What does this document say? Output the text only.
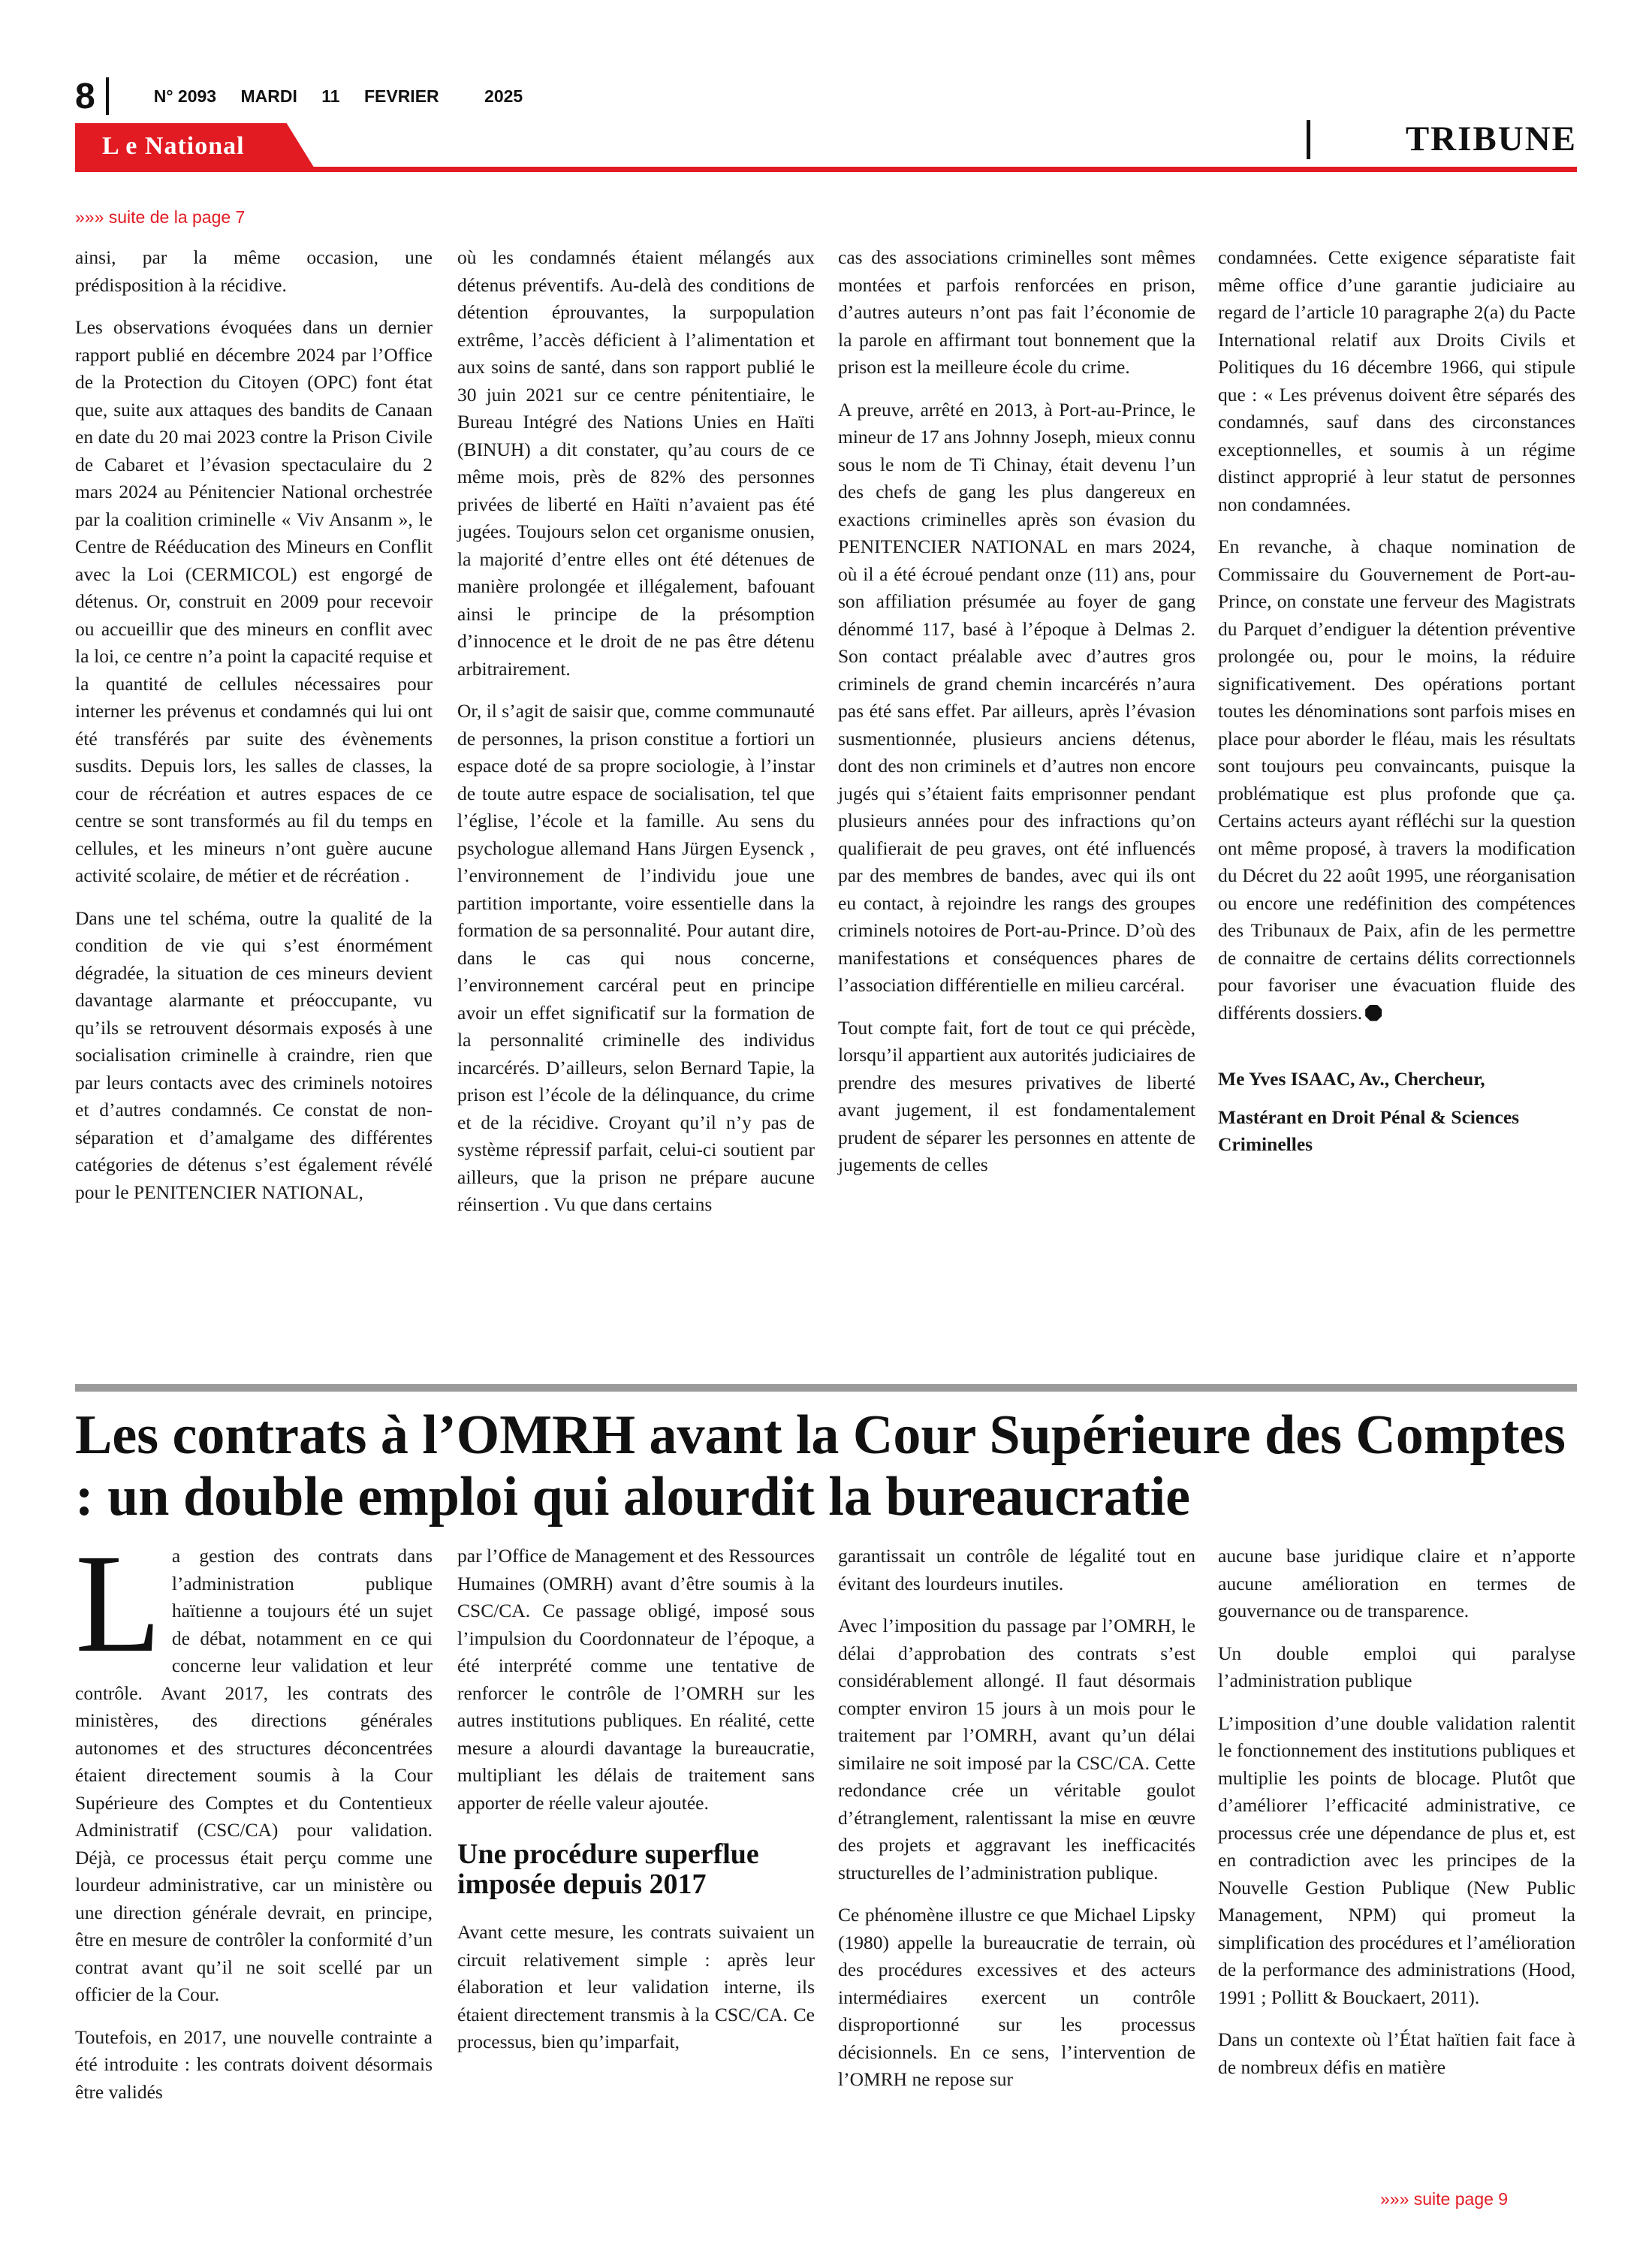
8	N° 2093 MARDI 11 FEVRIER	2025
L e National	TRIBUNE
»»» suite de la page 7

ainsi, par la même occasion, une prédisposition à la récidive.

Les observations évoquées dans un dernier rapport publié en décembre 2024 par l’Office de la Protection du Citoyen (OPC) font état que, suite aux attaques des bandits de Canaan en date du 20 mai 2023 contre la Prison Civile de Cabaret et l’évasion spectaculaire du 2 mars 2024 au Pénitencier National orchestrée par la coalition criminelle « Viv Ansanm », le Centre de Rééducation des Mineurs en Conflit avec la Loi (CERMICOL) est engorgé de détenus. Or, construit en 2009 pour recevoir ou accueillir que des mineurs en conflit avec la loi, ce centre n’a point la capacité requise et la quantité de cellules nécessaires pour interner les prévenus et condamnés qui lui ont été transférés par suite des évènements susdits. Depuis lors, les salles de classes, la cour de récréation et autres espaces de ce centre se sont transformés au fil du temps en cellules, et les mineurs n’ont guère aucune activité scolaire, de métier et de récréation .

Dans une tel schéma, outre la qualité de la condition de vie qui s’est énormément dégradée, la situation de ces mineurs devient davantage alarmante et préoccupante, vu qu’ils se retrouvent désormais exposés à une socialisation criminelle à craindre, rien que par leurs contacts avec des criminels notoires et d’autres condamnés. Ce constat de non-séparation et d’amalgame des différentes catégories de détenus s’est également révélé pour le PENITENCIER NATIONAL,

où les condamnés étaient mélangés aux détenus préventifs. Au-delà des conditions de détention éprouvantes, la surpopulation extrême, l’accès déficient à l’alimentation et aux soins de santé, dans son rapport publié le 30 juin 2021 sur ce centre pénitentiaire, le Bureau Intégré des Nations Unies en Haïti (BINUH) a dit constater, qu’au cours de ce même mois, près de 82% des personnes privées de liberté en Haïti n’avaient pas été jugées. Toujours selon cet organisme onusien, la majorité d’entre elles ont été détenues de manière prolongée et illégalement, bafouant ainsi le principe de la présomption d’innocence et le droit de ne pas être détenu arbitrairement.

Or, il s’agit de saisir que, comme communauté de personnes, la prison constitue a fortiori un espace doté de sa propre sociologie, à l’instar de toute autre espace de socialisation, tel que l’église, l’école et la famille. Au sens du psychologue allemand Hans Jürgen Eysenck , l’environnement de l’individu joue une partition importante, voire essentielle dans la formation de sa personnalité. Pour autant dire, dans le cas qui nous concerne, l’environnement carcéral peut en principe avoir un effet significatif sur la formation de la personnalité criminelle des individus incarcérés. D’ailleurs, selon Bernard Tapie, la prison est l’école de la délinquance, du crime et de la récidive. Croyant qu’il n’y pas de système répressif parfait, celui-ci soutient par ailleurs, que la prison ne prépare aucune réinsertion . Vu que dans certains

cas des associations criminelles sont mêmes montées et parfois renforcées en prison, d’autres auteurs n’ont pas fait l’économie de la parole en affirmant tout bonnement que la prison est la meilleure école du crime.

A preuve, arrêté en 2013, à Port-au-Prince, le mineur de 17 ans Johnny Joseph, mieux connu sous le nom de Ti Chinay, était devenu l’un des chefs de gang les plus dangereux en exactions criminelles après son évasion du PENITENCIER NATIONAL en mars 2024, où il a été écroué pendant onze (11) ans, pour son affiliation présumée au foyer de gang dénommé 117, basé à l’époque à Delmas 2. Son contact préalable avec d’autres gros criminels de grand chemin incarcérés n’aura pas été sans effet. Par ailleurs, après l’évasion susmentionnée, plusieurs anciens détenus, dont des non criminels et d’autres non encore jugés qui s’étaient faits emprisonner pendant plusieurs années pour des infractions qu’on qualifierait de peu graves, ont été influencés par des membres de bandes, avec qui ils ont eu contact, à rejoindre les rangs des groupes criminels notoires de Port-au-Prince. D’où des manifestations et conséquences phares de l’association différentielle en milieu carcéral.

Tout compte fait, fort de tout ce qui précède, lorsqu’il appartient aux autorités judiciaires de prendre des mesures privatives de liberté avant jugement, il est fondamentalement prudent de séparer les personnes en attente de jugements de celles

condamnées. Cette exigence séparatiste fait même office d’une garantie judiciaire au regard de l’article 10 paragraphe 2(a) du Pacte International relatif aux Droits Civils et Politiques du 16 décembre 1966, qui stipule que : « Les prévenus doivent être séparés des condamnés, sauf dans des circonstances exceptionnelles, et soumis à un régime distinct approprié à leur statut de personnes non condamnées.

En revanche, à chaque nomination de Commissaire du Gouvernement de Port-au-Prince, on constate une ferveur des Magistrats du Parquet d’endiguer la détention préventive prolongée ou, pour le moins, la réduire significativement. Des opérations portant toutes les dénominations sont parfois mises en place pour aborder le fléau, mais les résultats sont toujours peu convaincants, puisque la problématique est plus profonde que ça. Certains acteurs ayant réfléchi sur la question ont même proposé, à travers la modification du Décret du 22 août 1995, une réorganisation ou encore une redéfinition des compétences des Tribunaux de Paix, afin de les permettre de connaitre de certains délits correctionnels pour favoriser une évacuation fluide des différents dossiers.

Me Yves ISAAC, Av., Chercheur,

Mastérant en Droit Pénal & Sciences Criminelles

Les contrats à l’OMRH avant la Cour Supérieure des Comptes : un double emploi qui alourdit la bureaucratie

La gestion des contrats dans l’administration publique haïtienne a toujours été un sujet de débat, notamment en ce qui concerne leur validation et leur contrôle. Avant 2017, les contrats des ministères, des directions générales autonomes et des structures déconcentrées étaient directement soumis à la Cour Supérieure des Comptes et du Contentieux Administratif (CSC/CA) pour validation. Déjà, ce processus était perçu comme une lourdeur administrative, car un ministère ou une direction générale devrait, en principe, être en mesure de contrôler la conformité d’un contrat avant qu’il ne soit scellé par un officier de la Cour.

Toutefois, en 2017, une nouvelle contrainte a été introduite : les contrats doivent désormais être validés

par l’Office de Management et des Ressources Humaines (OMRH) avant d’être soumis à la CSC/CA. Ce passage obligé, imposé sous l’impulsion du Coordonnateur de l’époque, a été interprété comme une tentative de renforcer le contrôle de l’OMRH sur les autres institutions publiques. En réalité, cette mesure a alourdi davantage la bureaucratie, multipliant les délais de traitement sans apporter de réelle valeur ajoutée.

Une procédure superflue imposée depuis 2017

Avant cette mesure, les contrats suivaient un circuit relativement simple : après leur élaboration et leur validation interne, ils étaient directement transmis à la CSC/CA. Ce processus, bien qu’imparfait,

garantissait un contrôle de légalité tout en évitant des lourdeurs inutiles.

Avec l’imposition du passage par l’OMRH, le délai d’approbation des contrats s’est considérablement allongé. Il faut désormais compter environ 15 jours à un mois pour le traitement par l’OMRH, avant qu’un délai similaire ne soit imposé par la CSC/CA. Cette redondance crée un véritable goulot d’étranglement, ralentissant la mise en œuvre des projets et aggravant les inefficacités structurelles de l’administration publique.

Ce phénomène illustre ce que Michael Lipsky (1980) appelle la bureaucratie de terrain, où des procédures excessives et des acteurs intermédiaires exercent un contrôle disproportionné sur les processus décisionnels. En ce sens, l’intervention de l’OMRH ne repose sur

aucune base juridique claire et n’apporte aucune amélioration en termes de gouvernance ou de transparence.

Un double emploi qui paralyse l’administration publique

L’imposition d’une double validation ralentit le fonctionnement des institutions publiques et multiplie les points de blocage. Plutôt que d’améliorer l’efficacité administrative, ce processus crée une dépendance de plus et, est en contradiction avec les principes de la Nouvelle Gestion Publique (New Public Management, NPM) qui promeut la simplification des procédures et l’amélioration de la performance des administrations (Hood, 1991 ; Pollitt & Bouckaert, 2011).

Dans un contexte où l’État haïtien fait face à de nombreux défis en matière

»»» suite page 9
